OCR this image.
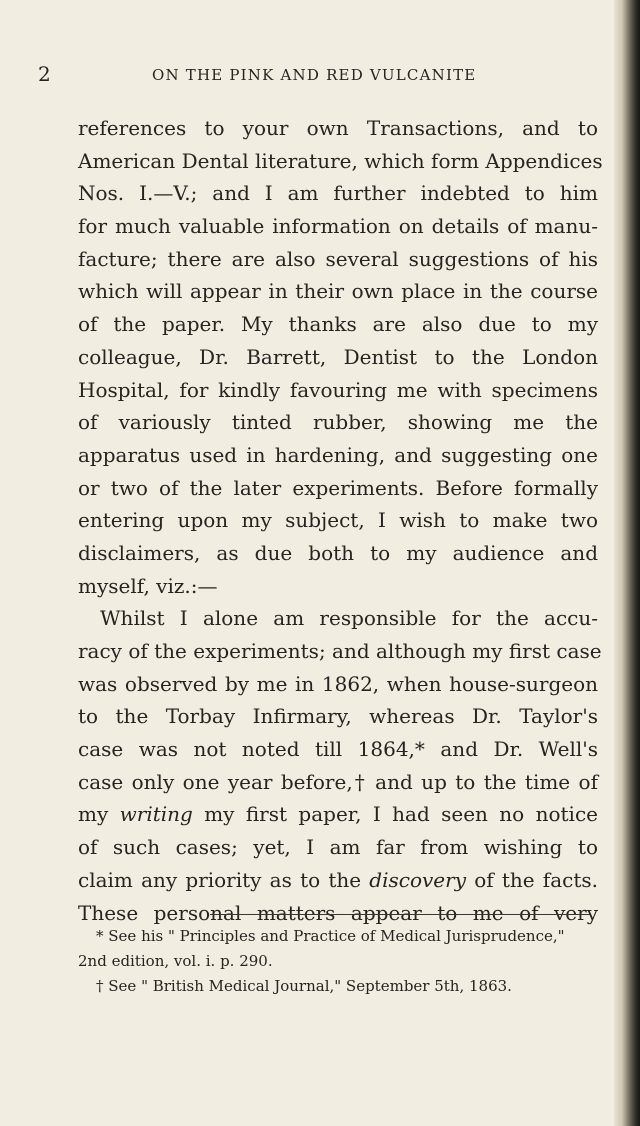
2	ON THE PINK AND RED VULCANITE
references to your own Transactions, and to
American Dental literature, which form Appendices
Nos. I.—V.; and I am further indebted to him
for much valuable information on details of manu-
facture; there are also several suggestions of his
which will appear in their own place in the course
of the paper. My thanks are also due to my
colleague, Dr. Barrett, Dentist to the London
Hospital, for kindly favouring me with specimens
of variously tinted rubber, showing me the
apparatus used in hardening, and suggesting one
or two of the later experiments. Before formally
entering upon my subject, I wish to make two
disclaimers, as due both to my audience and
myself, viz.:—
Whilst I alone am responsible for the accu-
racy of the experiments; and although my first case
was observed by me in 1862, when house-surgeon
to the Torbay Infirmary, whereas Dr. Taylor's
case was not noted till 1864,* and Dr. Well's
case only one year before,† and up to the time of
my writing my first paper, I had seen no notice
of such cases; yet, I am far from wishing to
claim any priority as to the discovery of the facts.
These personal matters appear to me of very
* See his " Principles and Practice of Medical Jurisprudence,"
2nd edition, vol. i. p. 290.
† See " British Medical Journal," September 5th, 1863.
